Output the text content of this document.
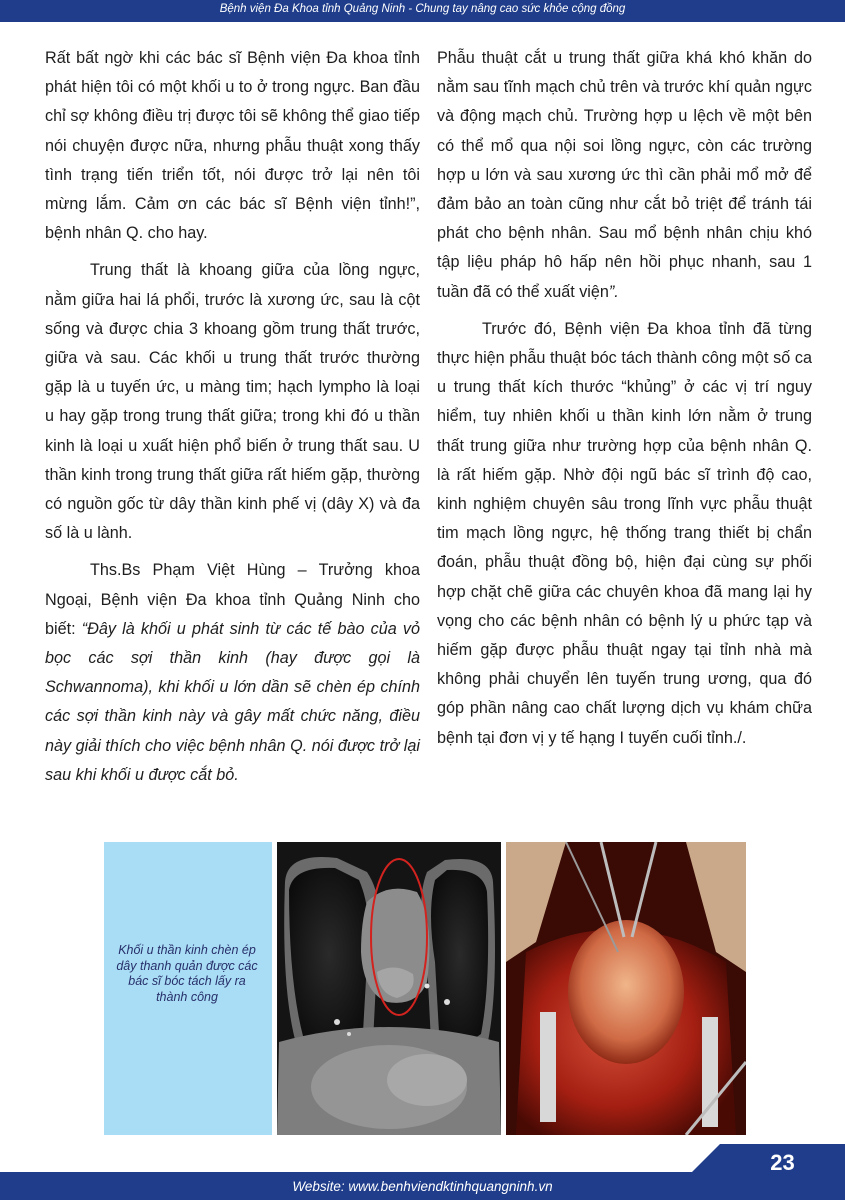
Bệnh viện Đa Khoa tỉnh Quảng Ninh - Chung tay nâng cao sức khỏe cộng đồng

Rất bất ngờ khi các bác sĩ Bệnh viện Đa khoa tỉnh phát hiện tôi có một khối u to ở trong ngực. Ban đầu chỉ sợ không điều trị được tôi sẽ không thể giao tiếp nói chuyện được nữa, nhưng phẫu thuật xong thấy tình trạng tiến triển tốt, nói được trở lại nên tôi mừng lắm. Cảm ơn các bác sĩ Bệnh viện tỉnh!”, bệnh nhân Q. cho hay.

Trung thất là khoang giữa của lồng ngực, nằm giữa hai lá phổi, trước là xương ức, sau là cột sống và được chia 3 khoang gồm trung thất trước, giữa và sau. Các khối u trung thất trước thường gặp là u tuyến ức, u màng tim; hạch lympho là loại u hay gặp trong trung thất giữa; trong khi đó u thần kinh là loại u xuất hiện phổ biến ở trung thất sau. U thần kinh trong trung thất giữa rất hiếm gặp, thường có nguồn gốc từ dây thần kinh phế vị (dây X) và đa số là u lành.

Ths.Bs Phạm Việt Hùng – Trưởng khoa Ngoại, Bệnh viện Đa khoa tỉnh Quảng Ninh cho biết: “Đây là khối u phát sinh từ các tế bào của vỏ bọc các sợi thần kinh (hay được gọi là Schwannoma), khi khối u lớn dần sẽ chèn ép chính các sợi thần kinh này và gây mất chức năng, điều này giải thích cho việc bệnh nhân Q. nói được trở lại sau khi khối u được cắt bỏ.

Phẫu thuật cắt u trung thất giữa khá khó khăn do nằm sau tĩnh mạch chủ trên và trước khí quản ngực và động mạch chủ. Trường hợp u lệch về một bên có thể mổ qua nội soi lồng ngực, còn các trường hợp u lớn và sau xương ức thì cần phải mổ mở để đảm bảo an toàn cũng như cắt bỏ triệt để tránh tái phát cho bệnh nhân. Sau mổ bệnh nhân chịu khó tập liệu pháp hô hấp nên hồi phục nhanh, sau 1 tuần đã có thể xuất viện”.

Trước đó, Bệnh viện Đa khoa tỉnh đã từng thực hiện phẫu thuật bóc tách thành công một số ca u trung thất kích thước “khủng” ở các vị trí nguy hiểm, tuy nhiên khối u thần kinh lớn nằm ở trung thất trung giữa như trường hợp của bệnh nhân Q. là rất hiếm gặp. Nhờ đội ngũ bác sĩ trình độ cao, kinh nghiệm chuyên sâu trong lĩnh vực phẫu thuật tim mạch lồng ngực, hệ thống trang thiết bị chẩn đoán, phẫu thuật đồng bộ, hiện đại cùng sự phối hợp chặt chẽ giữa các chuyên khoa đã mang lại hy vọng cho các bệnh nhân có bệnh lý u phức tạp và hiếm gặp được phẫu thuật ngay tại tỉnh nhà mà không phải chuyển lên tuyến trung ương, qua đó góp phần nâng cao chất lượng dịch vụ khám chữa bệnh tại đơn vị y tế hạng I tuyến cuối tỉnh./.

Khối u thần kinh chèn ép dây thanh quản được các bác sĩ bóc tách lấy ra thành công
Website: www.benhviendktinhquangninh.vn
23
